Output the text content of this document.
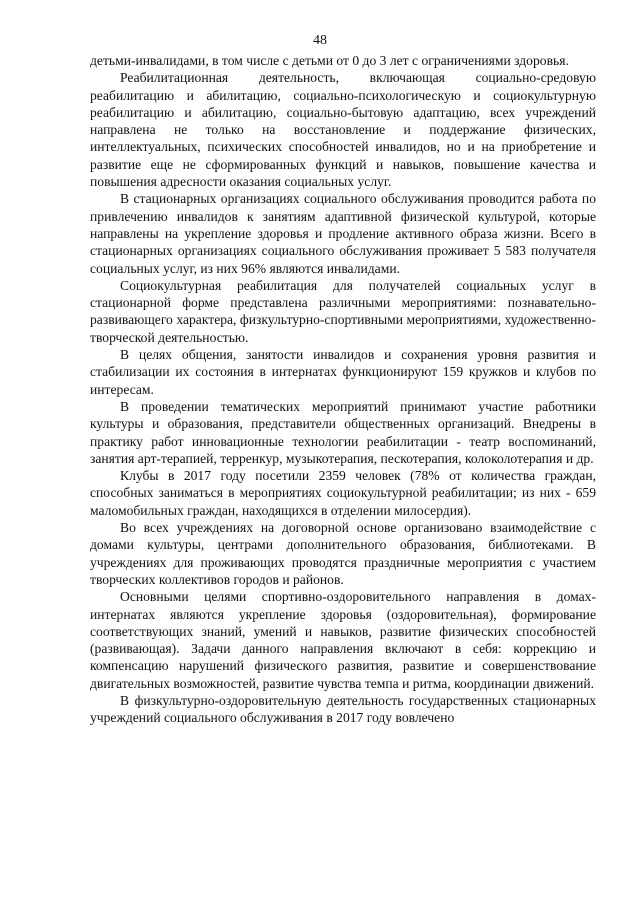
48

детьми-инвалидами, в том числе с детьми от 0 до 3 лет с ограничениями здоровья.

Реабилитационная деятельность, включающая социально-средовую реабилитацию и абилитацию, социально-психологическую и социокультурную реабилитацию и абилитацию, социально-бытовую адаптацию, всех учреждений направлена не только на восстановление и поддержание физических, интеллектуальных, психических способностей инвалидов, но и на приобретение и развитие еще не сформированных функций и навыков, повышение качества и повышения адресности оказания социальных услуг.

В стационарных организациях социального обслуживания проводится работа по привлечению инвалидов к занятиям адаптивной физической культурой, которые направлены на укрепление здоровья и продление активного образа жизни. Всего в стационарных организациях социального обслуживания проживает 5 583 получателя социальных услуг, из них 96% являются инвалидами.

Социокультурная реабилитация для получателей социальных услуг в стационарной форме представлена различными мероприятиями: познавательно-развивающего характера, физкультурно-спортивными мероприятиями, художественно-творческой деятельностью.

В целях общения, занятости инвалидов и сохранения уровня развития и стабилизации их состояния в интернатах функционируют 159 кружков и клубов по интересам.

В проведении тематических мероприятий принимают участие работники культуры и образования, представители общественных организаций. Внедрены в практику работ инновационные технологии реабилитации - театр воспоминаний, занятия арт-терапией, терренкур, музыкотерапия, пескотерапия, колоколотерапия и др.

Клубы в 2017 году посетили 2359 человек (78% от количества граждан, способных заниматься в мероприятиях социокультурной реабилитации; из них - 659 маломобильных граждан, находящихся в отделении милосердия).

Во всех учреждениях на договорной основе организовано взаимодействие с домами культуры, центрами дополнительного образования, библиотеками. В учреждениях для проживающих проводятся праздничные мероприятия с участием творческих коллективов городов и районов.

Основными целями спортивно-оздоровительного направления в домах-интернатах являются укрепление здоровья (оздоровительная), формирование соответствующих знаний, умений и навыков, развитие физических способностей (развивающая). Задачи данного направления включают в себя: коррекцию и компенсацию нарушений физического развития, развитие и совершенствование двигательных возможностей, развитие чувства темпа и ритма, координации движений.

В физкультурно-оздоровительную деятельность государственных стационарных учреждений социального обслуживания в 2017 году вовлечено
